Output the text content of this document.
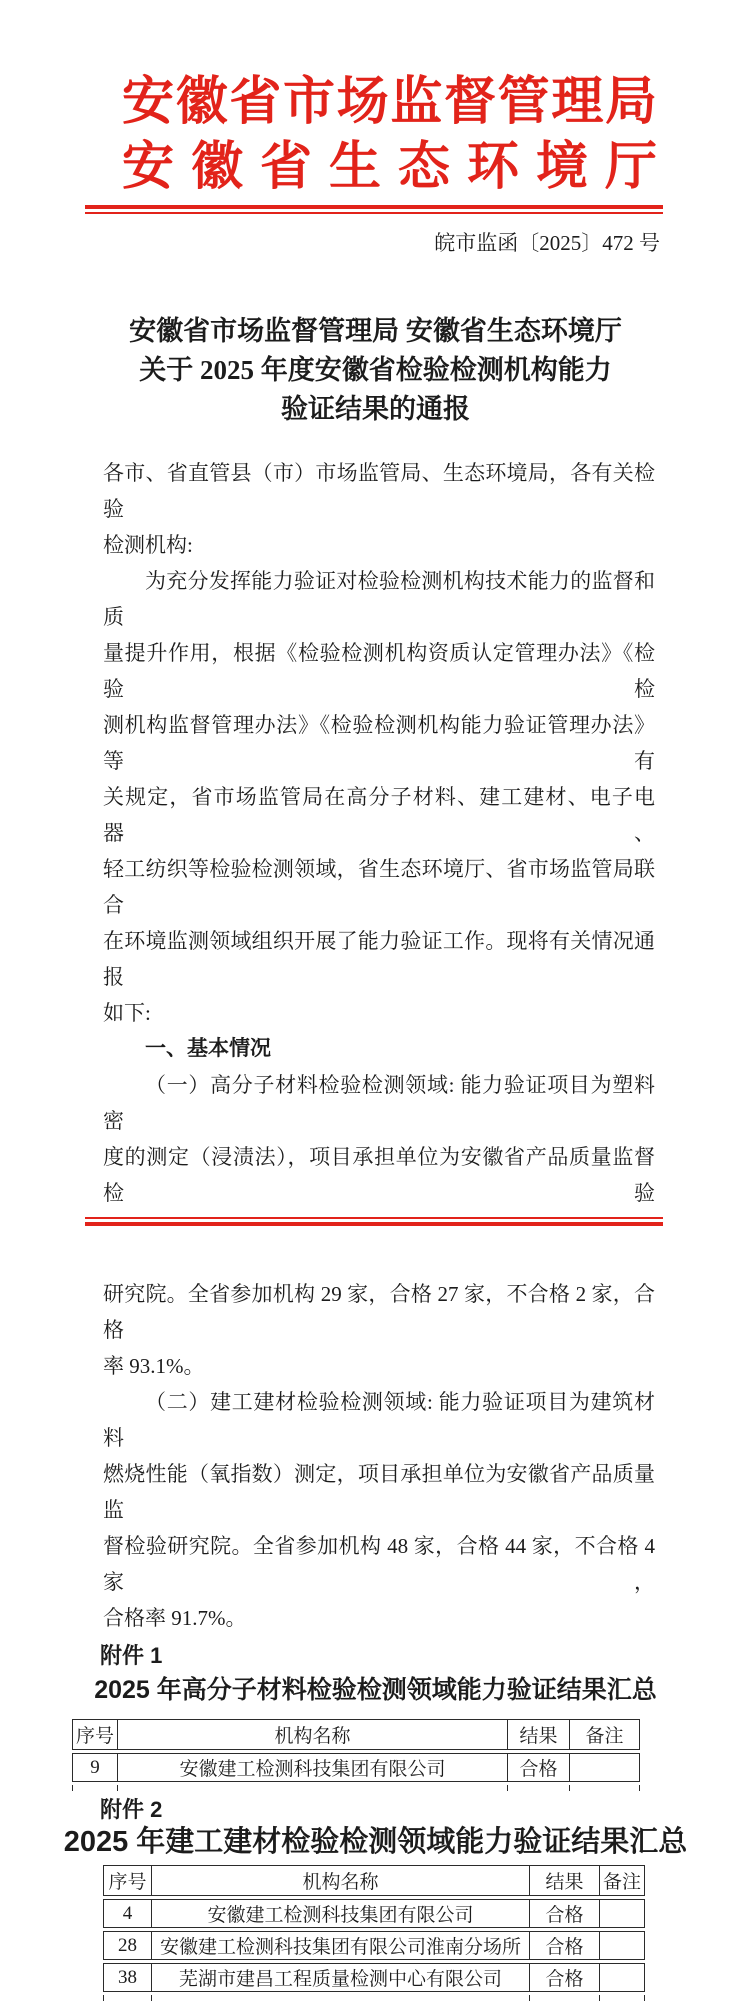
安徽省市场监督管理局
安徽省生态环境厅
皖市监函〔2025〕472 号
安徽省市场监督管理局 安徽省生态环境厅
关于 2025 年度安徽省检验检测机构能力
验证结果的通报
各市、省直管县（市）市场监管局、生态环境局，各有关检验
检测机构:
为充分发挥能力验证对检验检测机构技术能力的监督和质
量提升作用，根据《检验检测机构资质认定管理办法》《检验检
测机构监督管理办法》《检验检测机构能力验证管理办法》等有
关规定，省市场监管局在高分子材料、建工建材、电子电器、
轻工纺织等检验检测领域，省生态环境厅、省市场监管局联合
在环境监测领域组织开展了能力验证工作。现将有关情况通报
如下:
一、基本情况
（一）高分子材料检验检测领域: 能力验证项目为塑料密
度的测定（浸渍法），项目承担单位为安徽省产品质量监督检验
研究院。全省参加机构 29 家，合格 27 家，不合格 2 家，合格
率 93.1%。
（二）建工建材检验检测领域: 能力验证项目为建筑材料
燃烧性能（氧指数）测定，项目承担单位为安徽省产品质量监
督检验研究院。全省参加机构 48 家，合格 44 家，不合格 4 家，
合格率 91.7%。
附件 1
2025 年高分子材料检验检测领域能力验证结果汇总
序号	机构名称	结果	备注
9	安徽建工检测科技集团有限公司	合格	

附件 2
2025 年建工建材检验检测领域能力验证结果汇总
序号	机构名称	结果	备注
4	安徽建工检测科技集团有限公司	合格	
28	安徽建工检测科技集团有限公司淮南分场所	合格	
38	芜湖市建昌工程质量检测中心有限公司	合格	
